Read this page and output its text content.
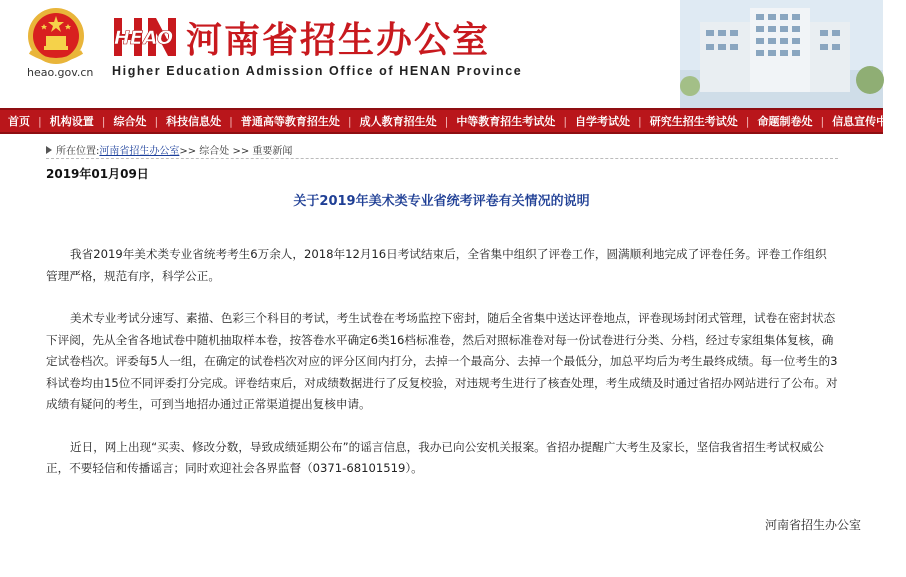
heao.gov.cn
HEAO 河南省招生办公室
Higher Education Admission Office of HENAN Province
首页 | 机构设置 | 综合处 | 科技信息处 | 普通高等教育招生处 | 成人教育招生处 | 中等教育招生考试处 | 自学考试处 | 研究生招生考试处 | 命题制卷处 | 信息宣传中心
所在位置: 河南省招生办公室 >> 综合处 >> 重要新闻
2019年01月09日
关于2019年美术类专业省统考评卷有关情况的说明

我省2019年美术类专业省统考考生6万余人，2018年12月16日考试结束后，全省集中组织了评卷工作，圆满顺利地完成了评卷任务。评卷工作组织管理严格，规范有序，科学公正。

美术专业考试分速写、素描、色彩三个科目的考试，考生试卷在考场监控下密封，随后全省集中送达评卷地点，评卷现场封闭式管理，试卷在密封状态下评阅，先从全省各地试卷中随机抽取样本卷，按答卷水平确定6类16档标准卷，然后对照标准卷对每一份试卷进行分类、分档，经过专家组集体复核，确定试卷档次。评委每5人一组，在确定的试卷档次对应的评分区间内打分，去掉一个最高分、去掉一个最低分，加总平均后为考生最终成绩。每一位考生的3科试卷均由15位不同评委打分完成。评卷结束后，对成绩数据进行了反复校验，对违规考生进行了核查处理，考生成绩及时通过省招办网站进行了公布。对成绩有疑问的考生，可到当地招办通过正常渠道提出复核申请。

近日，网上出现“买卖、修改分数，导致成绩延期公布”的谣言信息，我办已向公安机关报案。省招办提醒广大考生及家长，坚信我省招生考试权威公正，不要轻信和传播谣言；同时欢迎社会各界监督（0371-68101519）。

河南省招生办公室
